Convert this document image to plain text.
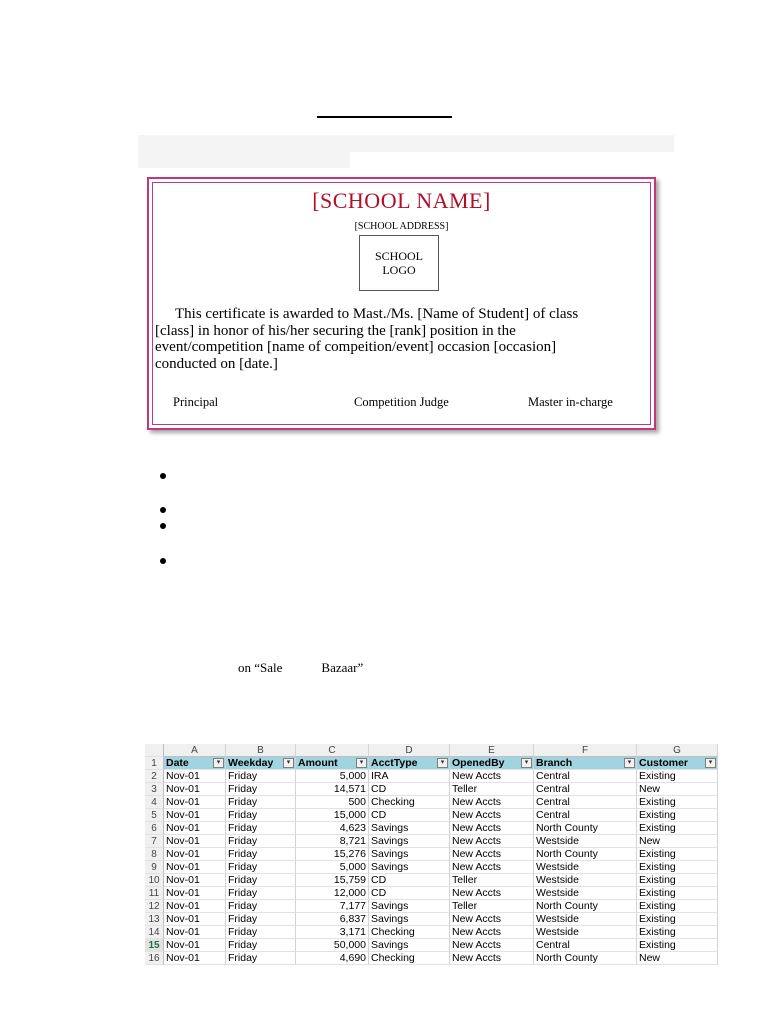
[SCHOOL NAME]
[SCHOOL ADDRESS]
SCHOOL
LOGO
This certificate is awarded to Mast./Ms. [Name of Student] of class
[class] in honor of his/her securing the [rank] position in the
event/competition [name of compeition/event] occasion [occasion]
conducted on [date.]
Principal	Competition Judge	Master in-charge
on “Sale            Bazaar”
A	B	C	D	E	F	G
1 Date	▾ Weekday	▾ Amount	▾ AcctType	▾ OpenedBy	▾ Branch	▾ Customer	▾
2 Nov-01	Friday	5,000 IRA	New Accts	Central	Existing
3 Nov-01	Friday	14,571 CD	Teller	Central	New
4 Nov-01	Friday	500 Checking	New Accts	Central	Existing
5 Nov-01	Friday	15,000 CD	New Accts	Central	Existing
6 Nov-01	Friday	4,623 Savings	New Accts	North County	Existing
7 Nov-01	Friday	8,721 Savings	New Accts	Westside	New
8 Nov-01	Friday	15,276 Savings	New Accts	North County	Existing
9 Nov-01	Friday	5,000 Savings	New Accts	Westside	Existing
10 Nov-01	Friday	15,759 CD	Teller	Westside	Existing
11 Nov-01	Friday	12,000 CD	New Accts	Westside	Existing
12 Nov-01	Friday	7,177 Savings	Teller	North County	Existing
13 Nov-01	Friday	6,837 Savings	New Accts	Westside	Existing
14 Nov-01	Friday	3,171 Checking	New Accts	Westside	Existing
15 Nov-01	Friday	50,000 Savings	New Accts	Central	Existing
16 Nov-01	Friday	4,690 Checking	New Accts	North County	New
